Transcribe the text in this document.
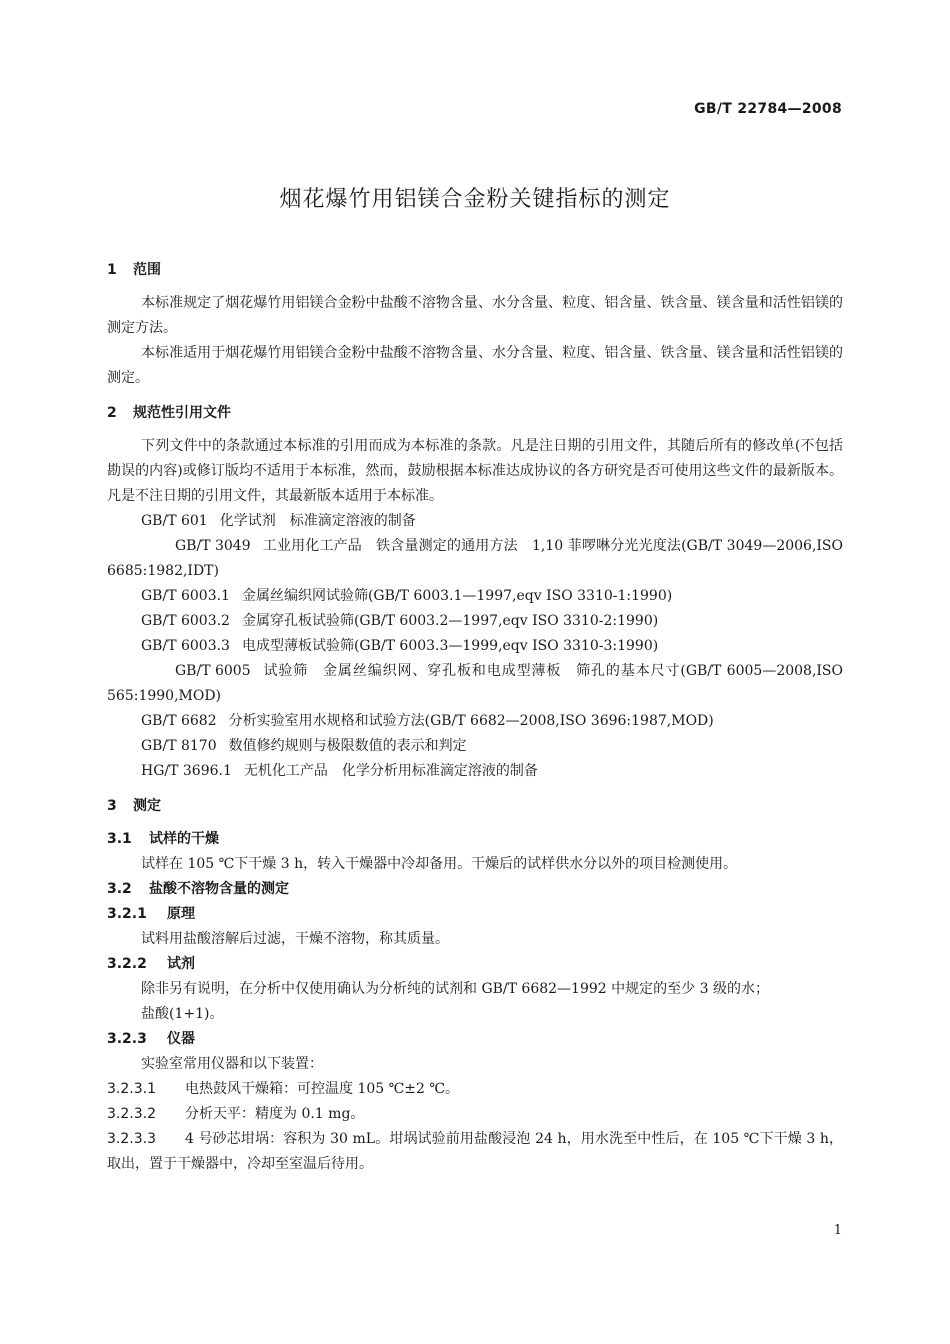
GB/T 22784—2008
烟花爆竹用铝镁合金粉关键指标的测定

1 范围

本标准规定了烟花爆竹用铝镁合金粉中盐酸不溶物含量、水分含量、粒度、铝含量、铁含量、镁含量和活性铝镁的测定方法。

本标准适用于烟花爆竹用铝镁合金粉中盐酸不溶物含量、水分含量、粒度、铝含量、铁含量、镁含量和活性铝镁的测定。

2 规范性引用文件

下列文件中的条款通过本标准的引用而成为本标准的条款。凡是注日期的引用文件，其随后所有的修改单(不包括勘误的内容)或修订版均不适用于本标准，然而，鼓励根据本标准达成协议的各方研究是否可使用这些文件的最新版本。凡是不注日期的引用文件，其最新版本适用于本标准。

GB/T 601 化学试剂　标准滴定溶液的制备

GB/T 3049 工业用化工产品　铁含量测定的通用方法　1,10 菲啰啉分光光度法(GB/T 3049—2006,ISO 6685:1982,IDT)

GB/T 6003.1 金属丝编织网试验筛(GB/T 6003.1—1997,eqv ISO 3310-1:1990)

GB/T 6003.2 金属穿孔板试验筛(GB/T 6003.2—1997,eqv ISO 3310-2:1990)

GB/T 6003.3 电成型薄板试验筛(GB/T 6003.3—1999,eqv ISO 3310-3:1990)

GB/T 6005 试验筛　金属丝编织网、穿孔板和电成型薄板　筛孔的基本尺寸(GB/T 6005—2008,ISO 565:1990,MOD)

GB/T 6682 分析实验室用水规格和试验方法(GB/T 6682—2008,ISO 3696:1987,MOD)

GB/T 8170 数值修约规则与极限数值的表示和判定

HG/T 3696.1 无机化工产品　化学分析用标准滴定溶液的制备

3 测定

3.1 试样的干燥

试样在 105 ℃下干燥 3 h，转入干燥器中冷却备用。干燥后的试样供水分以外的项目检测使用。

3.2 盐酸不溶物含量的测定

3.2.1 原理

试料用盐酸溶解后过滤，干燥不溶物，称其质量。

3.2.2 试剂

除非另有说明，在分析中仅使用确认为分析纯的试剂和 GB/T 6682—1992 中规定的至少 3 级的水；

盐酸(1+1)。

3.2.3 仪器

实验室常用仪器和以下装置：

3.2.3.1 电热鼓风干燥箱：可控温度 105 ℃±2 ℃。

3.2.3.2 分析天平：精度为 0.1 mg。

3.2.3.3 4 号砂芯坩埚：容积为 30 mL。坩埚试验前用盐酸浸泡 24 h，用水洗至中性后，在 105 ℃下干燥 3 h，取出，置于干燥器中，冷却至室温后待用。

1
